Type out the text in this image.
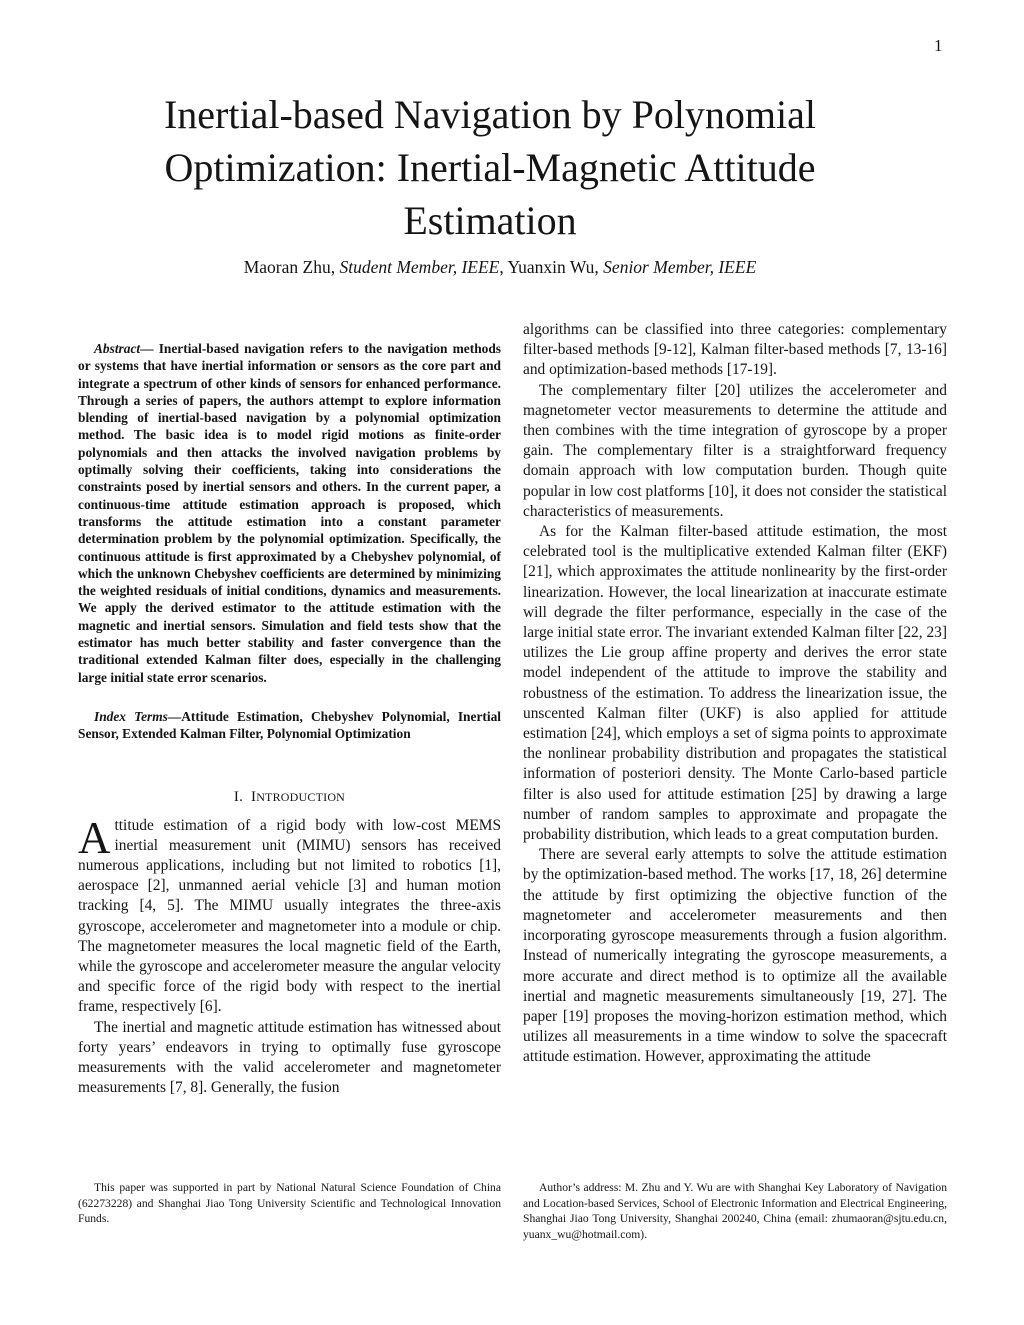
1
Inertial-based Navigation by Polynomial Optimization: Inertial-Magnetic Attitude Estimation
Maoran Zhu, Student Member, IEEE, Yuanxin Wu, Senior Member, IEEE

Abstract— Inertial-based navigation refers to the navigation methods or systems that have inertial information or sensors as the core part and integrate a spectrum of other kinds of sensors for enhanced performance. Through a series of papers, the authors attempt to explore information blending of inertial-based navigation by a polynomial optimization method. The basic idea is to model rigid motions as finite-order polynomials and then attacks the involved navigation problems by optimally solving their coefficients, taking into considerations the constraints posed by inertial sensors and others. In the current paper, a continuous-time attitude estimation approach is proposed, which transforms the attitude estimation into a constant parameter determination problem by the polynomial optimization. Specifically, the continuous attitude is first approximated by a Chebyshev polynomial, of which the unknown Chebyshev coefficients are determined by minimizing the weighted residuals of initial conditions, dynamics and measurements. We apply the derived estimator to the attitude estimation with the magnetic and inertial sensors. Simulation and field tests show that the estimator has much better stability and faster convergence than the traditional extended Kalman filter does, especially in the challenging large initial state error scenarios.

Index Terms—Attitude Estimation, Chebyshev Polynomial, Inertial Sensor, Extended Kalman Filter, Polynomial Optimization

I. INTRODUCTION

Attitude estimation of a rigid body with low-cost MEMS inertial measurement unit (MIMU) sensors has received numerous applications, including but not limited to robotics [1], aerospace [2], unmanned aerial vehicle [3] and human motion tracking [4, 5]. The MIMU usually integrates the three-axis gyroscope, accelerometer and magnetometer into a module or chip. The magnetometer measures the local magnetic field of the Earth, while the gyroscope and accelerometer measure the angular velocity and specific force of the rigid body with respect to the inertial frame, respectively [6].

The inertial and magnetic attitude estimation has witnessed about forty years’ endeavors in trying to optimally fuse gyroscope measurements with the valid accelerometer and magnetometer measurements [7, 8]. Generally, the fusion

algorithms can be classified into three categories: complementary filter-based methods [9-12], Kalman filter-based methods [7, 13-16] and optimization-based methods [17-19].

The complementary filter [20] utilizes the accelerometer and magnetometer vector measurements to determine the attitude and then combines with the time integration of gyroscope by a proper gain. The complementary filter is a straightforward frequency domain approach with low computation burden. Though quite popular in low cost platforms [10], it does not consider the statistical characteristics of measurements.

As for the Kalman filter-based attitude estimation, the most celebrated tool is the multiplicative extended Kalman filter (EKF) [21], which approximates the attitude nonlinearity by the first-order linearization. However, the local linearization at inaccurate estimate will degrade the filter performance, especially in the case of the large initial state error. The invariant extended Kalman filter [22, 23] utilizes the Lie group affine property and derives the error state model independent of the attitude to improve the stability and robustness of the estimation. To address the linearization issue, the unscented Kalman filter (UKF) is also applied for attitude estimation [24], which employs a set of sigma points to approximate the nonlinear probability distribution and propagates the statistical information of posteriori density. The Monte Carlo-based particle filter is also used for attitude estimation [25] by drawing a large number of random samples to approximate and propagate the probability distribution, which leads to a great computation burden.

There are several early attempts to solve the attitude estimation by the optimization-based method. The works [17, 18, 26] determine the attitude by first optimizing the objective function of the magnetometer and accelerometer measurements and then incorporating gyroscope measurements through a fusion algorithm. Instead of numerically integrating the gyroscope measurements, a more accurate and direct method is to optimize all the available inertial and magnetic measurements simultaneously [19, 27]. The paper [19] proposes the moving-horizon estimation method, which utilizes all measurements in a time window to solve the spacecraft attitude estimation. However, approximating the attitude

This paper was supported in part by National Natural Science Foundation of China (62273228) and Shanghai Jiao Tong University Scientific and Technological Innovation Funds.

Author’s address: M. Zhu and Y. Wu are with Shanghai Key Laboratory of Navigation and Location-based Services, School of Electronic Information and Electrical Engineering, Shanghai Jiao Tong University, Shanghai 200240, China (email: zhumaoran@sjtu.edu.cn, yuanx_wu@hotmail.com).
